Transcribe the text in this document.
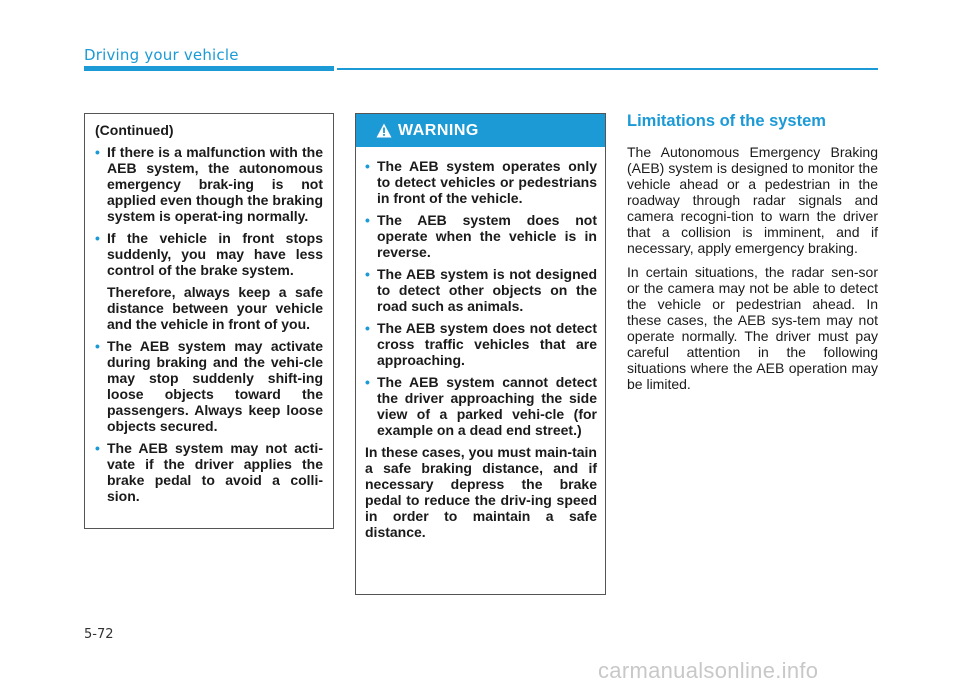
Driving your vehicle
(Continued)
• If there is a malfunction with the AEB system, the autonomous emergency brak-ing is not applied even though the braking system is operat-ing normally.
• If the vehicle in front stops suddenly, you may have less control of the brake system.
Therefore, always keep a safe distance between your vehicle and the vehicle in front of you.
• The AEB system may activate during braking and the vehi-cle may stop suddenly shift-ing loose objects toward the passengers. Always keep loose objects secured.
• The AEB system may not acti-vate if the driver applies the brake pedal to avoid a colli-sion.
WARNING
• The AEB system operates only to detect vehicles or pedestrians in front of the vehicle.
• The AEB system does not operate when the vehicle is in reverse.
• The AEB system is not designed to detect other objects on the road such as animals.
• The AEB system does not detect cross traffic vehicles that are approaching.
• The AEB system cannot detect the driver approaching the side view of a parked vehi-cle (for example on a dead end street.)
In these cases, you must main-tain a safe braking distance, and if necessary depress the brake pedal to reduce the driv-ing speed in order to maintain a safe distance.
Limitations of the system

The Autonomous Emergency Braking (AEB) system is designed to monitor the vehicle ahead or a pedestrian in the roadway through radar signals and camera recogni-tion to warn the driver that a collision is imminent, and if necessary, apply emergency braking.

In certain situations, the radar sen-sor or the camera may not be able to detect the vehicle or pedestrian ahead. In these cases, the AEB sys-tem may not operate normally. The driver must pay careful attention in the following situations where the AEB operation may be limited.

5-72
carmanualsonline.info
